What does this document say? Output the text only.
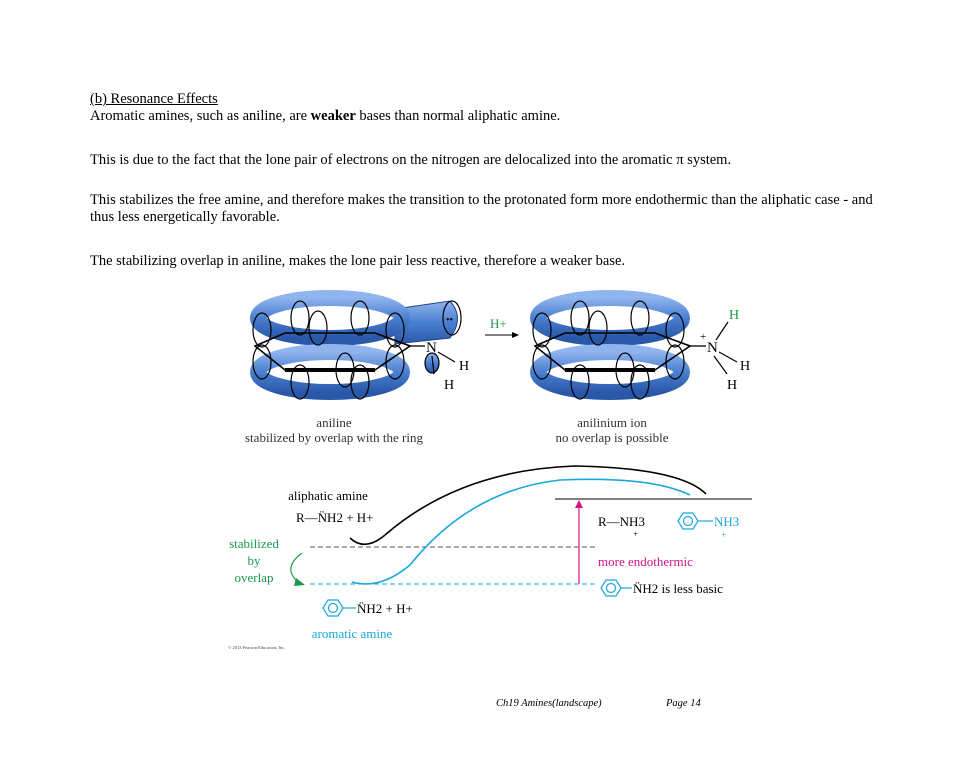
(b) Resonance Effects

Aromatic amines, such as aniline, are weaker bases than normal aliphatic amine.

This is due to the fact that the lone pair of electrons on the nitrogen are delocalized into the aromatic π system.

This stabilizes the free amine, and therefore makes the transition to the protonated form more endothermic than the aliphatic case - and thus less energetically favorable.

The stabilizing overlap in aniline, makes the lone pair less reactive, therefore a weaker base.

N
••
H
H
H+
N
+
H
H
H
aniline
stabilized by overlap with the ring
anilinium ion
no overlap is possible
aliphatic amine
R—N̈H2 + H+	R—NH3
+
NH3
+
stabilized
by
overlap
more endothermic
N̈H2 is less basic
N̈H2 + H+
aromatic amine
© 2013 Pearson Education, Inc.
Ch19 Amines(landscape)	Page 14
